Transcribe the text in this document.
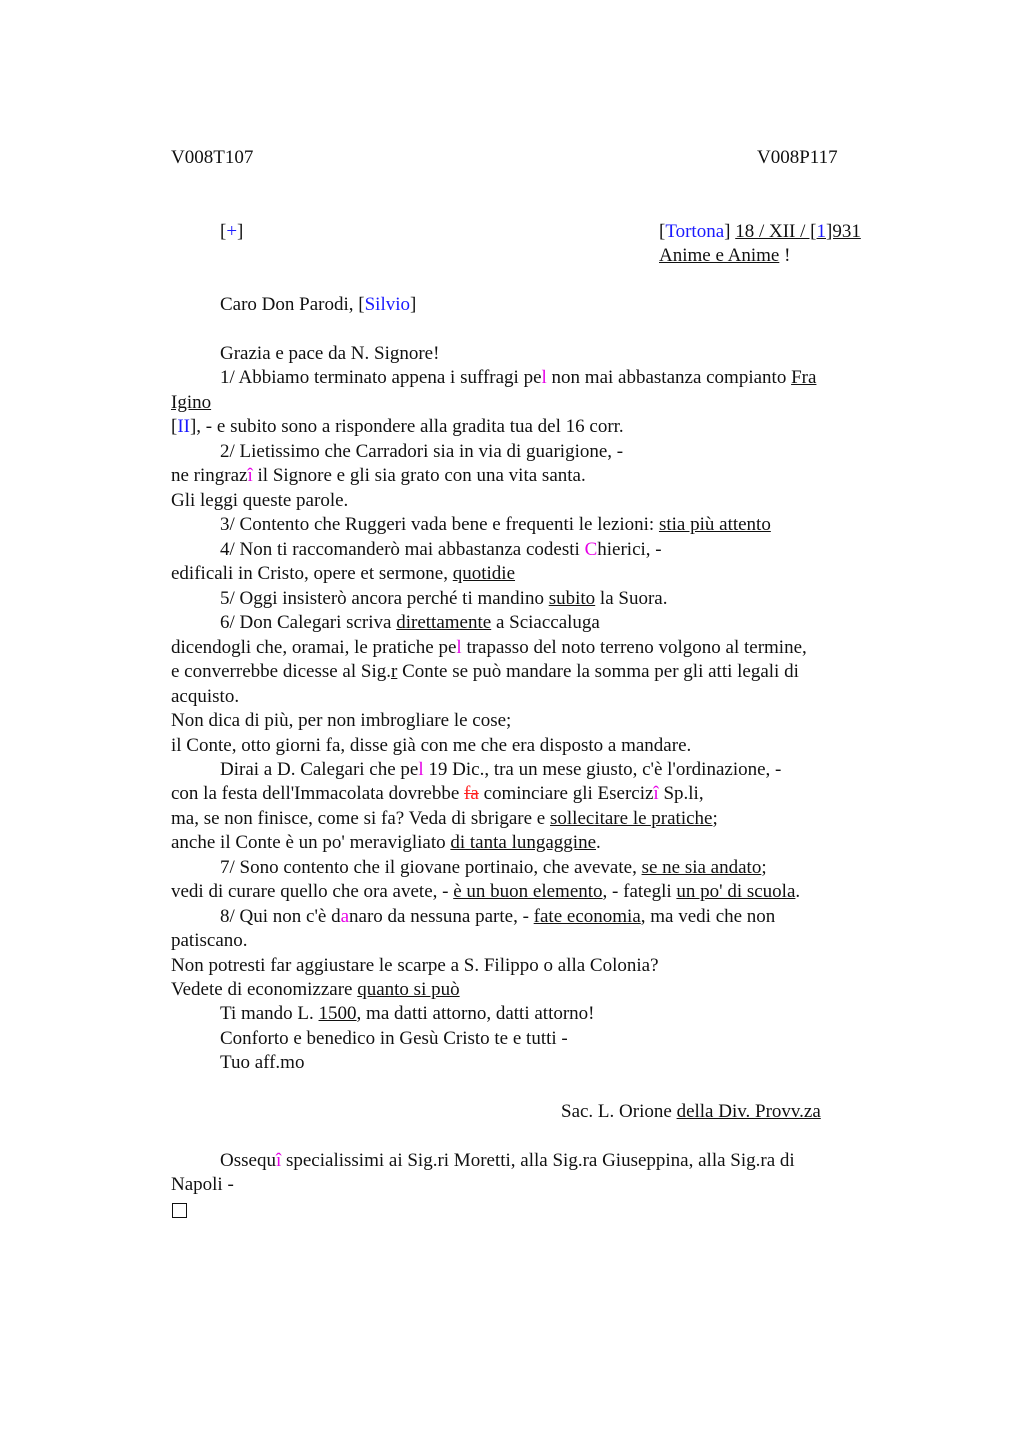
V008T107	V008P117
[+]	[Tortona] 18 / XII / [1]931
Anime e Anime !
Caro Don Parodi, [Silvio]
Grazia e pace da N. Signore!
1/ Abbiamo terminato appena i suffragi pel non mai abbastanza compianto Fra
Igino
[II], - e subito sono a rispondere alla gradita tua del 16 corr.
2/ Lietissimo che Carradori sia in via di guarigione, -
ne ringrazî il Signore e gli sia grato con una vita santa.
Gli leggi queste parole.
3/ Contento che Ruggeri vada bene e frequenti le lezioni: stia più attento
4/ Non ti raccomanderò mai abbastanza codesti Chierici, -
edificali in Cristo, opere et sermone, quotidie
5/ Oggi insisterò ancora perché ti mandino subito la Suora.
6/ Don Calegari scriva direttamente a Sciaccaluga
dicendogli che, oramai, le pratiche pel trapasso del noto terreno volgono al termine,
e converrebbe dicesse al Sig.r Conte se può mandare la somma per gli atti legali di
acquisto.
Non dica di più, per non imbrogliare le cose;
il Conte, otto giorni fa, disse già con me che era disposto a mandare.
Dirai a D. Calegari che pel 19 Dic., tra un mese giusto, c'è l'ordinazione, -
con la festa dell'Immacolata dovrebbe fa cominciare gli Esercizî Sp.li,
ma, se non finisce, come si fa? Veda di sbrigare e sollecitare le pratiche;
anche il Conte è un po' meravigliato di tanta lungaggine.
7/ Sono contento che il giovane portinaio, che avevate, se ne sia andato;
vedi di curare quello che ora avete, - è un buon elemento, - fategli un po' di scuola.
8/ Qui non c'è danaro da nessuna parte, - fate economia, ma vedi che non
patiscano.
Non potresti far aggiustare le scarpe a S. Filippo o alla Colonia?
Vedete di economizzare quanto si può
Ti mando L. 1500, ma datti attorno, datti attorno!
Conforto e benedico in Gesù Cristo te e tutti -
Tuo aff.mo
Sac. L. Orione della Div. Provv.za
Ossequî specialissimi ai Sig.ri Moretti, alla Sig.ra Giuseppina, alla Sig.ra di
Napoli -
